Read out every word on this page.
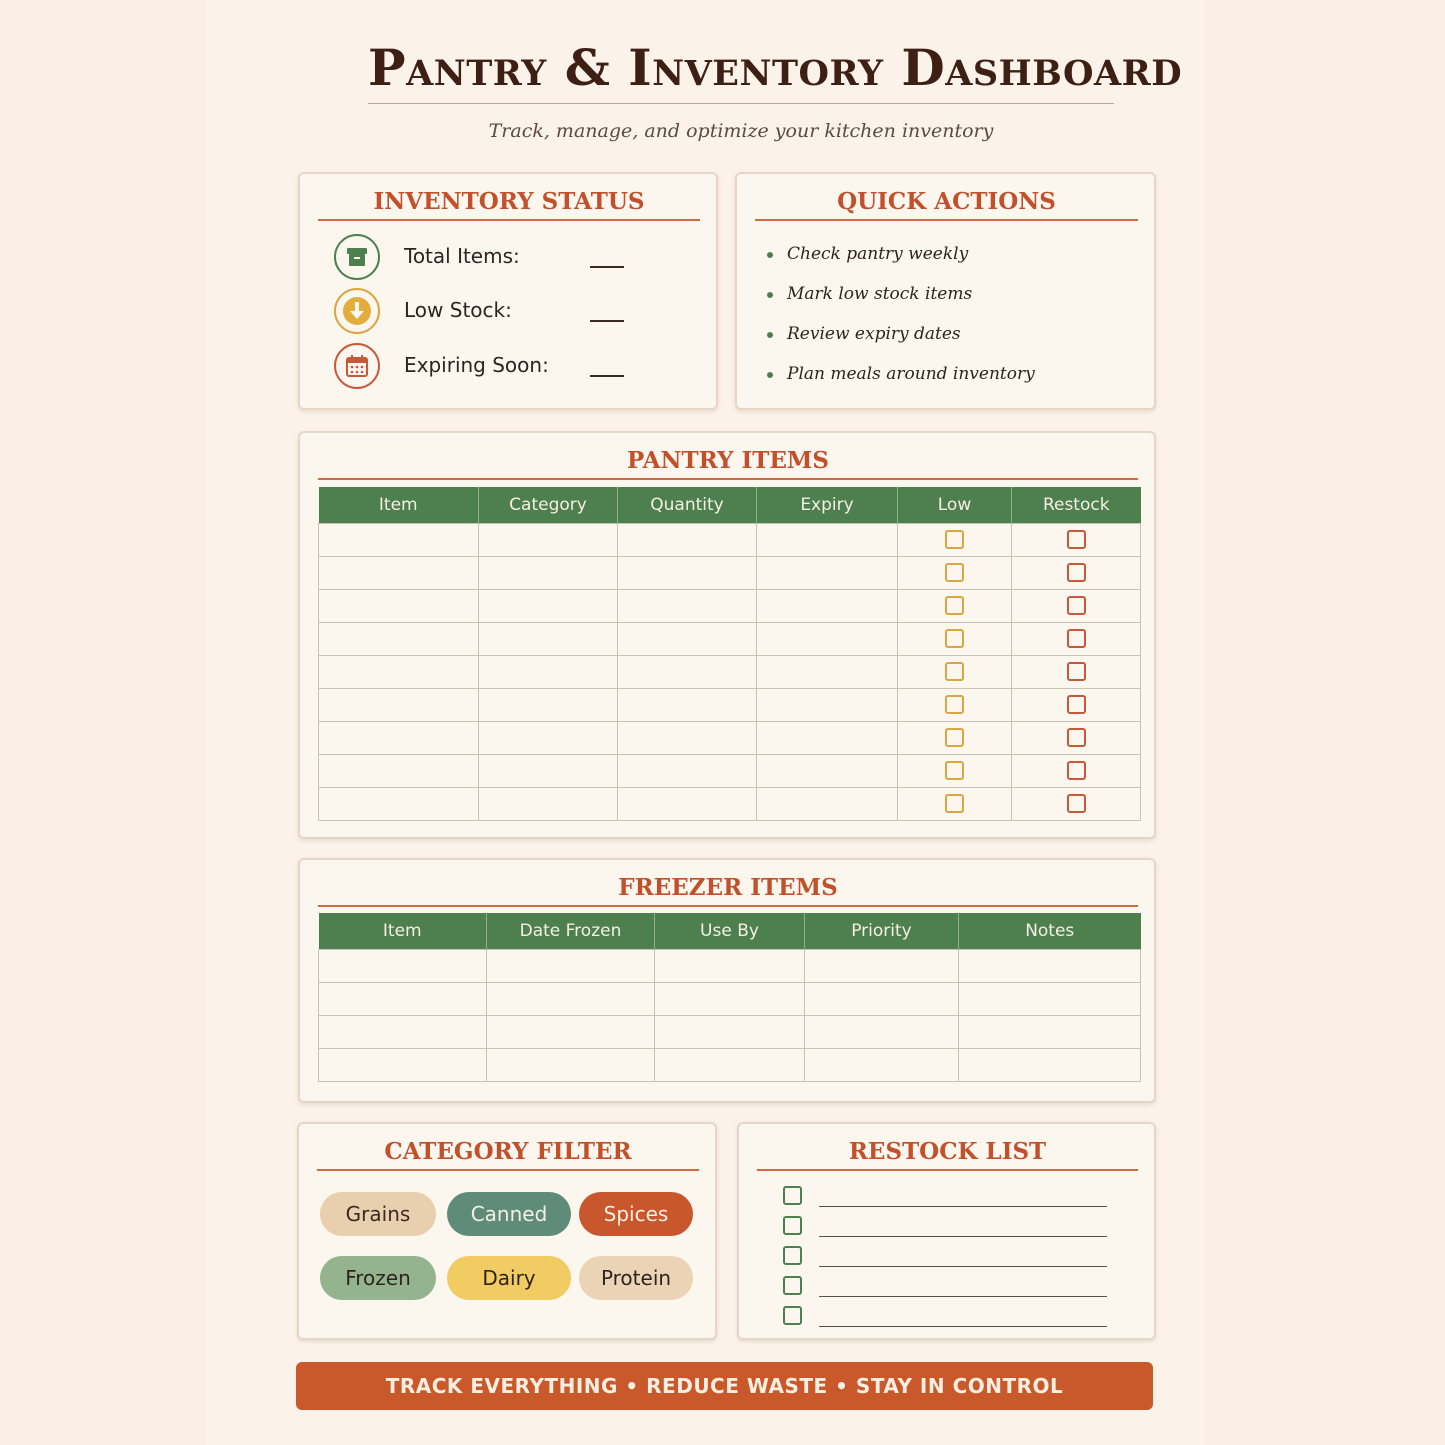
Pantry & Inventory Dashboard

Track, manage, and optimize your kitchen inventory

INVENTORY STATUS
Total Items:
Low Stock:
Expiring Soon:
QUICK ACTIONS
Check pantry weekly
Mark low stock items
Review expiry dates
Plan meals around inventory
PANTRY ITEMS
Item	Category	Quantity	Expiry	Low	Restock

FREEZER ITEMS
Item	Date Frozen	Use By	Priority	Notes

CATEGORY FILTER
Grains	Canned	Spices
Frozen	Dairy	Protein
RESTOCK LIST
TRACK EVERYTHING • REDUCE WASTE • STAY IN CONTROL
